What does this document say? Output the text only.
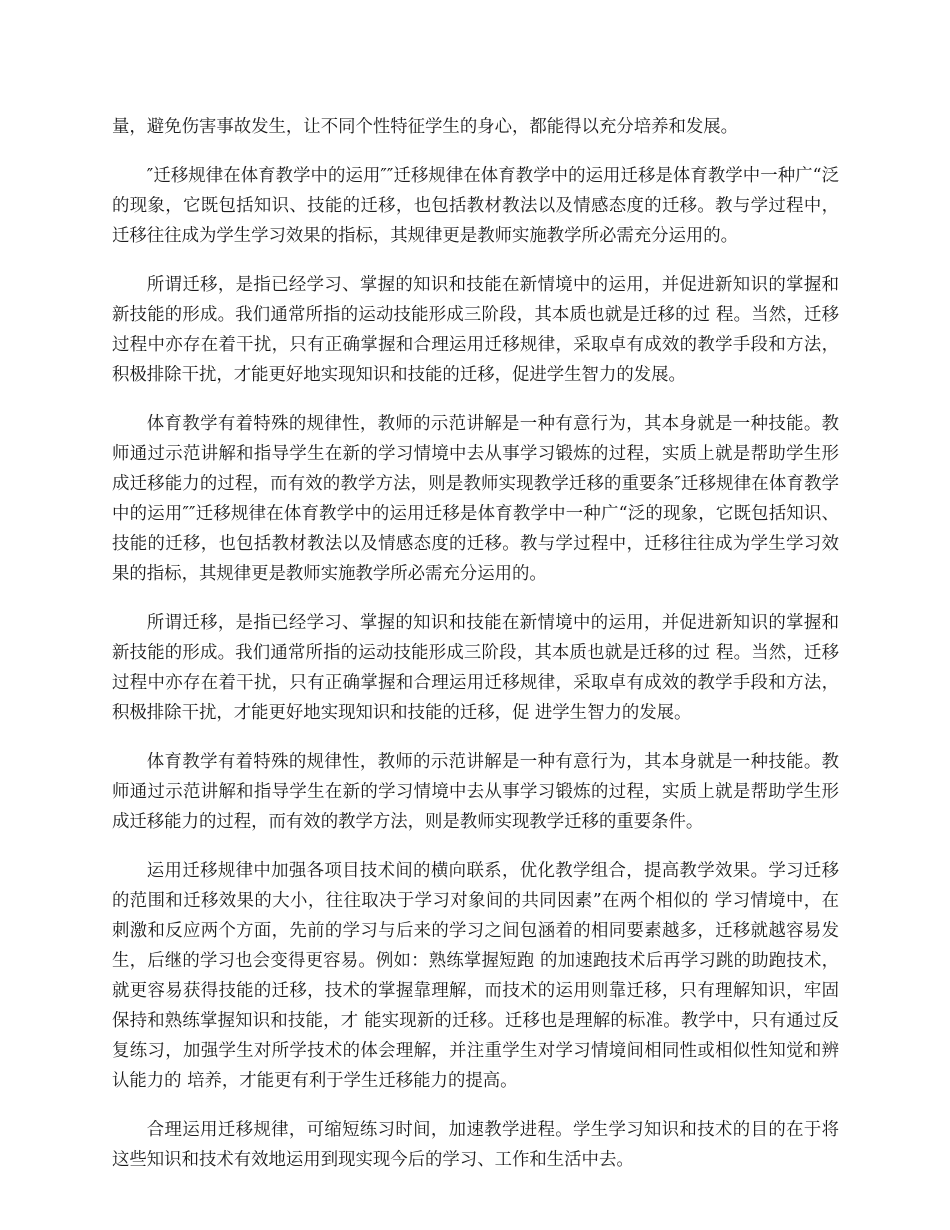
量，避免伤害事故发生，让不同个性特征学生的身心，都能得以充分培养和发展。

″迁移规律在体育教学中的运用″″迁移规律在体育教学中的运用迁移是体育教学中一种广“泛的现象，它既包括知识、技能的迁移，也包括教材教法以及情感态度的迁移。教与学过程中，迁移往往成为学生学习效果的指标，其规律更是教师实施教学所必需充分运用的。

所谓迁移，是指已经学习、掌握的知识和技能在新情境中的运用，并促进新知识的掌握和新技能的形成。我们通常所指的运动技能形成三阶段，其本质也就是迁移的过 程。当然，迁移过程中亦存在着干扰，只有正确掌握和合理运用迁移规律，采取卓有成效的教学手段和方法，积极排除干扰，才能更好地实现知识和技能的迁移，促进学生智力的发展。

体育教学有着特殊的规律性，教师的示范讲解是一种有意行为，其本身就是一种技能。教师通过示范讲解和指导学生在新的学习情境中去从事学习锻炼的过程，实质上就是帮助学生形成迁移能力的过程，而有效的教学方法，则是教师实现教学迁移的重要条″迁移规律在体育教学中的运用″″迁移规律在体育教学中的运用迁移是体育教学中一种广“泛的现象，它既包括知识、技能的迁移，也包括教材教法以及情感态度的迁移。教与学过程中，迁移往往成为学生学习效果的指标，其规律更是教师实施教学所必需充分运用的。

所谓迁移，是指已经学习、掌握的知识和技能在新情境中的运用，并促进新知识的掌握和新技能的形成。我们通常所指的运动技能形成三阶段，其本质也就是迁移的过 程。当然，迁移过程中亦存在着干扰，只有正确掌握和合理运用迁移规律，采取卓有成效的教学手段和方法，积极排除干扰，才能更好地实现知识和技能的迁移，促 进学生智力的发展。

体育教学有着特殊的规律性，教师的示范讲解是一种有意行为，其本身就是一种技能。教师通过示范讲解和指导学生在新的学习情境中去从事学习锻炼的过程，实质上就是帮助学生形成迁移能力的过程，而有效的教学方法，则是教师实现教学迁移的重要条件。

运用迁移规律中加强各项目技术间的横向联系，优化教学组合，提高教学效果。学习迁移的范围和迁移效果的大小，往往取决于学习对象间的共同因素”在两个相似的 学习情境中，在刺激和反应两个方面，先前的学习与后来的学习之间包涵着的相同要素越多，迁移就越容易发生，后继的学习也会变得更容易。例如：熟练掌握短跑 的加速跑技术后再学习跳的助跑技术，就更容易获得技能的迁移，技术的掌握靠理解，而技术的运用则靠迁移，只有理解知识，牢固保持和熟练掌握知识和技能，才 能实现新的迁移。迁移也是理解的标准。教学中，只有通过反复练习，加强学生对所学技术的体会理解，并注重学生对学习情境间相同性或相似性知觉和辨认能力的 培养，才能更有利于学生迁移能力的提高。

合理运用迁移规律，可缩短练习时间，加速教学进程。学生学习知识和技术的目的在于将这些知识和技术有效地运用到现实现今后的学习、工作和生活中去。
